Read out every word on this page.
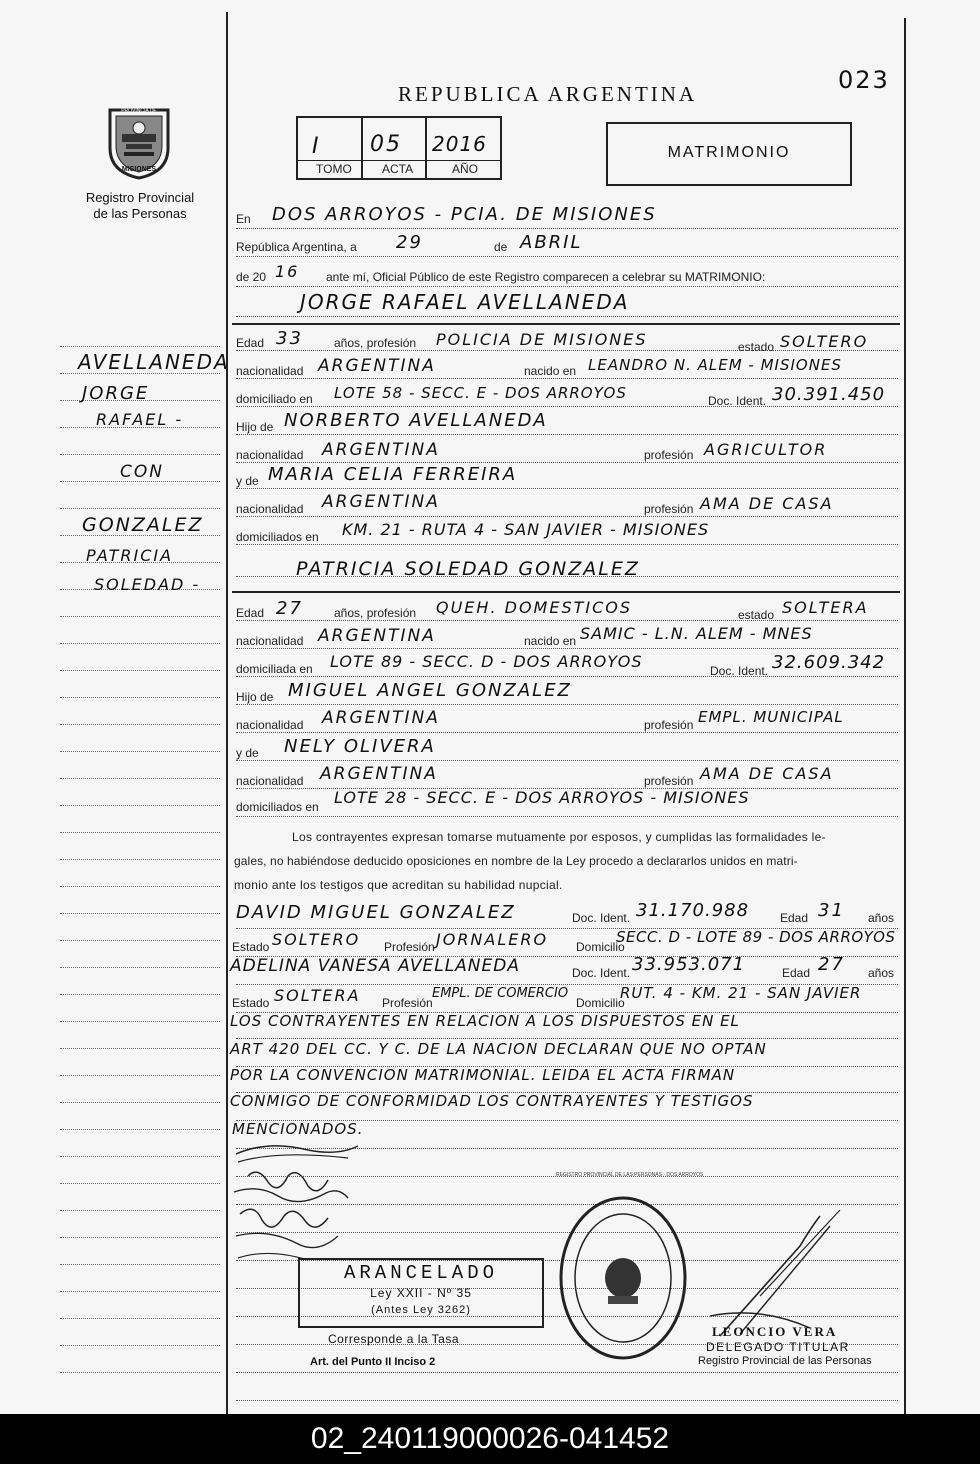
PROVINCIA DE
MISIONES
Registro Provincial
de las Personas
AVELLANEDA
JORGE
RAFAEL -
CON
GONZALEZ
PATRICIA
SOLEDAD -
REPUBLICA ARGENTINA	023
I 05 2016
TOMO	ACTA	AÑO
MATRIMONIO
En DOS ARROYOS - PCIA. DE MISIONES
República Argentina, a 29	de ABRIL
de 20 16 ante mí, Oficial Público de este Registro comparecen a celebrar su MATRIMONIO:
JORGE RAFAEL AVELLANEDA
Edad 33	años, profesión POLICIA DE MISIONES	estado SOLTERO
nacionalidad ARGENTINA	nacido en LEANDRO N. ALEM - MISIONES
domiciliado en LOTE 58 - SECC. E - DOS ARROYOS	Doc. Ident. 30.391.450
Hijo de NORBERTO AVELLANEDA
nacionalidad ARGENTINA	profesión AGRICULTOR
y de MARIA CELIA FERREIRA
nacionalidad ARGENTINA	profesión AMA DE CASA
domiciliados en KM. 21 - RUTA 4 - SAN JAVIER - MISIONES
PATRICIA SOLEDAD GONZALEZ
Edad 27	años, profesión QUEH. DOMESTICOS	estado SOLTERA
nacionalidad ARGENTINA	nacido en SAMIC - L.N. ALEM - MNES
domiciliada en LOTE 89 - SECC. D - DOS ARROYOS	Doc. Ident. 32.609.342
Hijo de MIGUEL ANGEL GONZALEZ
nacionalidad ARGENTINA	profesión EMPL. MUNICIPAL
y de NELY OLIVERA
nacionalidad ARGENTINA	profesión AMA DE CASA
domiciliados en LOTE 28 - SECC. E - DOS ARROYOS - MISIONES
Los contrayentes expresan tomarse mutuamente por esposos, y cumplidas las formalidades le-
gales, no habiéndose deducido oposiciones en nombre de la Ley procedo a declararlos unidos en matri-
monio ante los testigos que acreditan su habilidad nupcial.
DAVID MIGUEL GONZALEZ	Doc. Ident. 31.170.988	Edad 31 años
Estado SOLTERO Profesión JORNALERO Domicilio
SECC. D - LOTE 89 - DOS ARROYOS
ADELINA VANESA AVELLANEDA	Doc. Ident. 33.953.071	Edad 27 años
Estado SOLTERA Profesión
EMPL. DE COMERCIO
Domicilio
RUT. 4 - KM. 21 - SAN JAVIER
LOS CONTRAYENTES EN RELACION A LOS DISPUESTOS EN EL
ART 420 DEL CC. Y C. DE LA NACION DECLARAN QUE NO OPTAN
POR LA CONVENCION MATRIMONIAL. LEIDA EL ACTA FIRMAN
CONMIGO DE CONFORMIDAD LOS CONTRAYENTES Y TESTIGOS
MENCIONADOS.
ARANCELADO
Ley XXII - Nº 35
(Antes Ley 3262)
Corresponde a la Tasa
Art. del Punto II Inciso 2
REGISTRO PROVINCIAL DE LAS PERSONAS · DOS ARROYOS
LEONCIO VERA
DELEGADO TITULAR
Registro Provincial de las Personas
02_240119000026-041452
